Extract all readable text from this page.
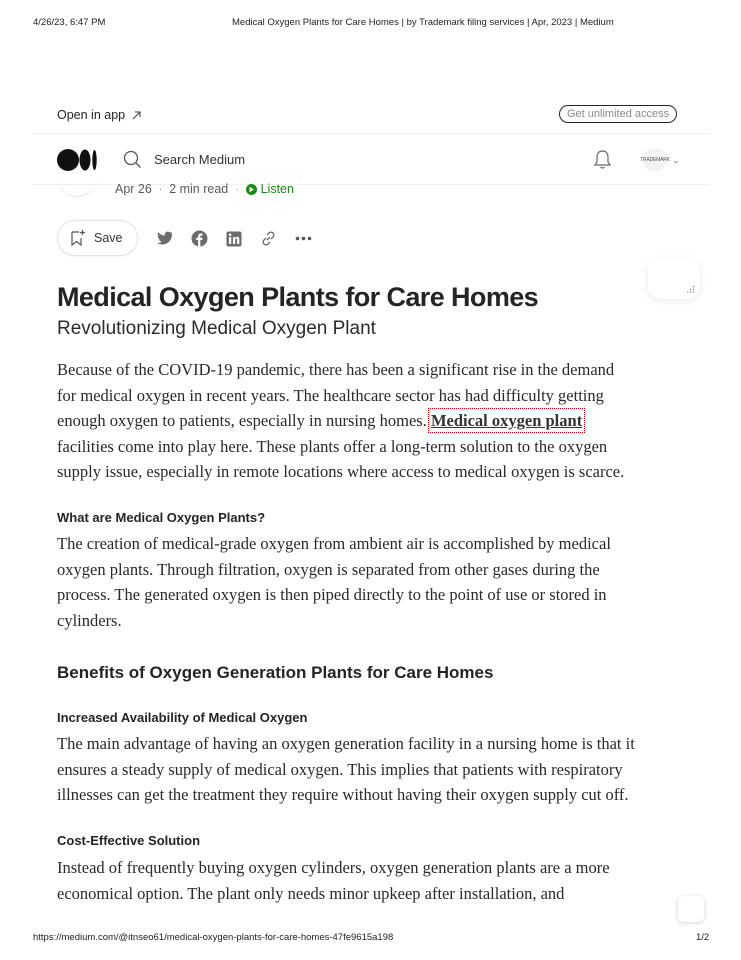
4/26/23, 6:47 PM	Medical Oxygen Plants for Care Homes | by Trademark filing services | Apr, 2023 | Medium
Open in app	Get unlimited access
Search Medium	TRADEMARK ⌄
Apr 26 · 2 min read · Listen
Save
Medical Oxygen Plants for Care Homes
Revolutionizing Medical Oxygen Plant
Because of the COVID-19 pandemic, there has been a significant rise in the demand
for medical oxygen in recent years. The healthcare sector has had difficulty getting
enough oxygen to patients, especially in nursing homes. Medical oxygen plant
facilities come into play here. These plants offer a long-term solution to the oxygen
supply issue, especially in remote locations where access to medical oxygen is scarce.
What are Medical Oxygen Plants?
The creation of medical-grade oxygen from ambient air is accomplished by medical
oxygen plants. Through filtration, oxygen is separated from other gases during the
process. The generated oxygen is then piped directly to the point of use or stored in
cylinders.
Benefits of Oxygen Generation Plants for Care Homes
Increased Availability of Medical Oxygen
The main advantage of having an oxygen generation facility in a nursing home is that it
ensures a steady supply of medical oxygen. This implies that patients with respiratory
illnesses can get the treatment they require without having their oxygen supply cut off.
Cost-Effective Solution
Instead of frequently buying oxygen cylinders, oxygen generation plants are a more
economical option. The plant only needs minor upkeep after installation, and
https://medium.com/@itnseo61/medical-oxygen-plants-for-care-homes-47fe9615a198	1/2
